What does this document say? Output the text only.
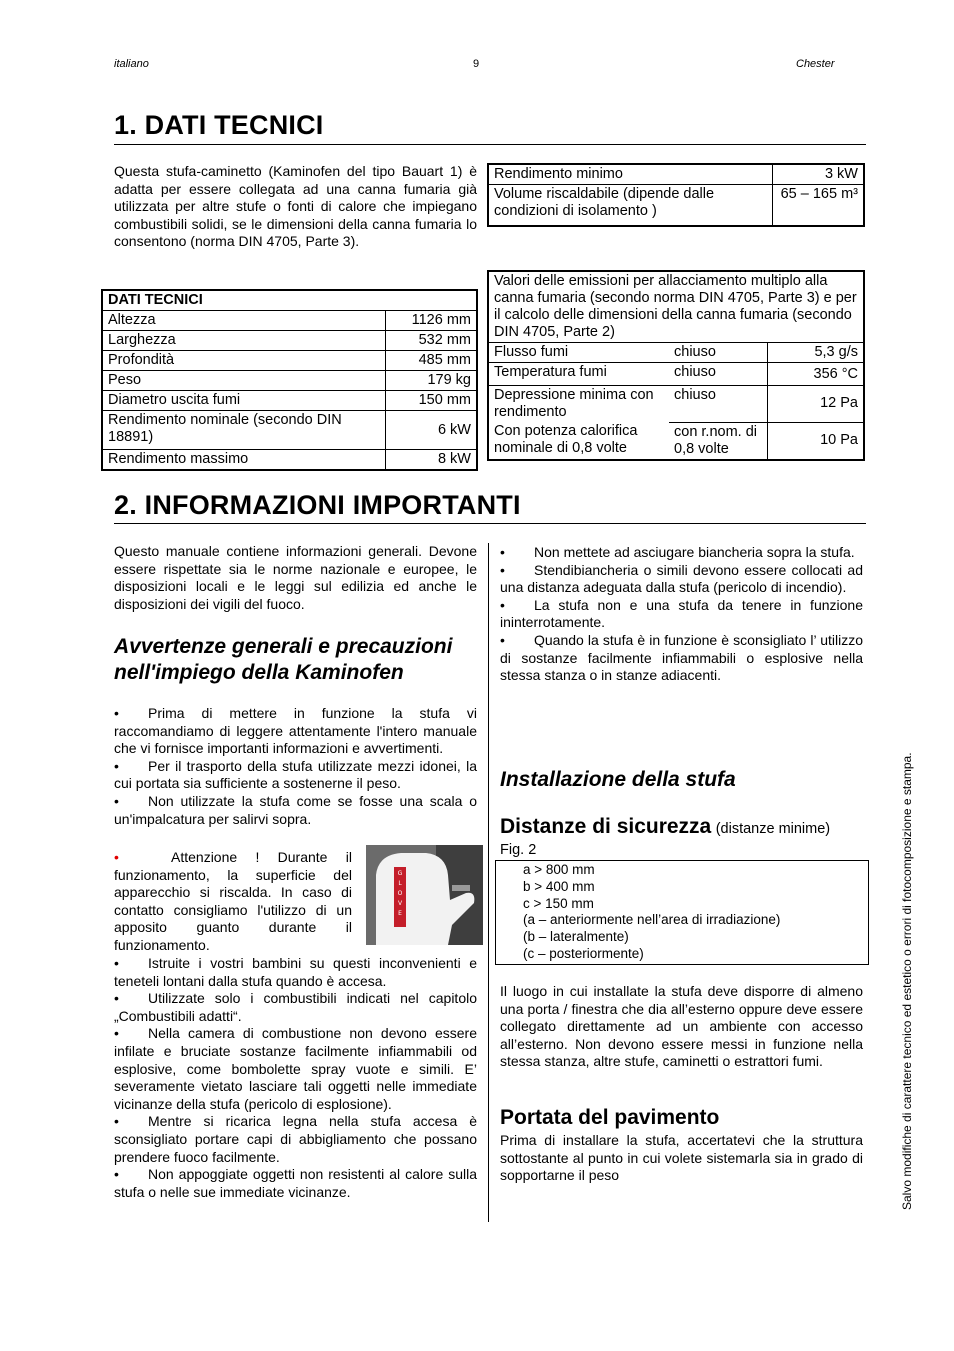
italiano	9	Chester
1. DATI TECNICI
Questa stufa-caminetto (Kaminofen del tipo Bauart 1) è adatta per essere collegata ad una canna fumaria già utilizzata per altre stufe o fonti di calore che impiegano combustibili solidi, se le dimensioni della canna fumaria lo consentono (norma DIN 4705, Parte 3).
DATI TECNICI	
Altezza	1126 mm
Larghezza	532 mm
Profondità	485 mm
Peso	179 kg
Diametro uscita fumi	150 mm
Rendimento nominale (secondo DIN 18891)	6 kW
Rendimento massimo	8 kW
Rendimento minimo	3 kW
Volume riscaldabile (dipende dalle condizioni di isolamento )	65 – 165 m³
Valori delle emissioni per allacciamento multiplo alla canna fumaria (secondo norma DIN 4705, Parte 3) e per il calcolo delle dimensioni della canna fumaria (secondo DIN 4705, Parte 2)		
Flusso fumi	chiuso	5,3 g/s
Temperatura fumi	chiuso	356 °C
Depressione minima con rendimento	chiuso	12 Pa
Con potenza calorifica nominale di 0,8 volte	con r.nom. di 0,8 volte	10 Pa
2. INFORMAZIONI IMPORTANTI
Questo manuale contiene informazioni generali. Devone essere rispettate sia le norme nazionale e europee, le disposizioni locali e le leggi sul edilizia ed anche le disposizioni dei vigili del fuoco.
Avvertenze generali e precauzioni nell'impiego della Kaminofen
• Prima di mettere in funzione la stufa vi raccomandiamo di leggere attentamente l'intero manuale che vi fornisce importanti informazioni e avvertimenti.
• Per il trasporto della stufa utilizzate mezzi idonei, la cui portata sia sufficiente a sostenerne il peso.
• Non utilizzate la stufa come se fosse una scala o un'impalcatura per salirvi sopra.
•	Attenzione ! Durante il funzionamento, la superficie del apparecchio si riscalda. In caso di contatto consigliamo l'utilizzo di un apposito guanto durante il funzionamento.
G
L
O
V
E
• Istruite i vostri bambini su questi inconvenienti e teneteli lontani dalla stufa quando è accesa.
• Utilizzate solo i combustibili indicati nel capitolo „Combustibili adatti“.
• Nella camera di combustione non devono essere infilate e bruciate sostanze facilmente infiammabili od esplosive, come bombolette spray vuote e simili. E’ severamente vietato lasciare tali oggetti nelle immediate vicinanze della stufa (pericolo di esplosione).
• Mentre si ricarica legna nella stufa accesa è sconsigliato portare capi di abbigliamento che possano prendere fuoco facilmente.
• Non appoggiate oggetti non resistenti al calore sulla stufa o nelle sue immediate vicinanze.
• Non mettete ad asciugare biancheria sopra la stufa.
• Stendibiancheria o simili devono essere collocati ad una distanza adeguata dalla stufa (pericolo di incendio).
• La stufa non e una stufa da tenere in funzione ininterrotamente.
• Quando la stufa è in funzione è sconsigliato l’ utilizzo di sostanze facilmente infiammabili o esplosive nella stessa stanza o in stanze adiacenti.
Installazione della stufa
Distanze di sicurezza (distanze minime)
Fig. 2
a > 800 mm
b > 400 mm
c > 150 mm
(a – anteriormente nell’area di irradiazione)
(b – lateralmente)
(c – posteriormente)
Il luogo in cui installate la stufa deve disporre di almeno una porta / finestra che dia all’esterno oppure deve essere collegato direttamente ad un ambiente con accesso all’esterno. Non devono essere messi in funzione nella stessa stanza, altre stufe, caminetti o estrattori fumi.
Portata del pavimento
Prima di installare la stufa, accertatevi che la struttura sottostante al punto in cui volete sistemarla sia in grado di sopportarne il peso	Salvo modifiche di carattere tecnico ed estetico o errori di fotocomposizione e stampa.
